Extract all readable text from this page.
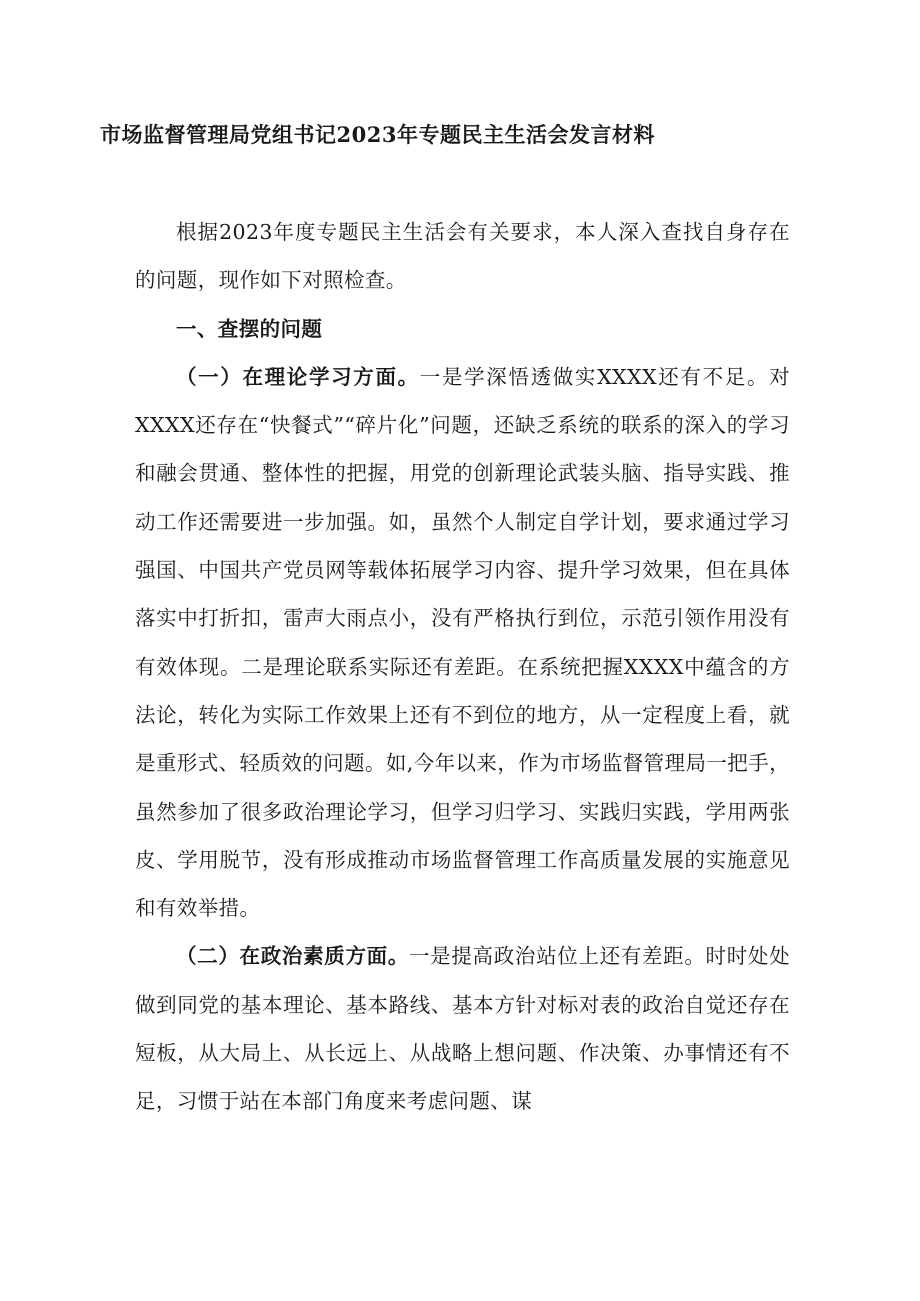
市场监督管理局党组书记2023年专题民主生活会发言材料

根据2023年度专题民主生活会有关要求，本人深入查找自身存在的问题，现作如下对照检查。

一、查摆的问题

（一）在理论学习方面。一是学深悟透做实XXXX还有不足。对XXXX还存在“快餐式”“碎片化”问题，还缺乏系统的联系的深入的学习和融会贯通、整体性的把握，用党的创新理论武装头脑、指导实践、推动工作还需要进一步加强。如，虽然个人制定自学计划，要求通过学习强国、中国共产党员网等载体拓展学习内容、提升学习效果，但在具体落实中打折扣，雷声大雨点小，没有严格执行到位，示范引领作用没有有效体现。二是理论联系实际还有差距。在系统把握XXXX中蕴含的方法论，转化为实际工作效果上还有不到位的地方，从一定程度上看，就是重形式、轻质效的问题。如,今年以来，作为市场监督管理局一把手，虽然参加了很多政治理论学习，但学习归学习、实践归实践，学用两张皮、学用脱节，没有形成推动市场监督管理工作高质量发展的实施意见和有效举措。

（二）在政治素质方面。一是提高政治站位上还有差距。时时处处做到同党的基本理论、基本路线、基本方针对标对表的政治自觉还存在短板，从大局上、从长远上、从战略上想问题、作决策、办事情还有不足，习惯于站在本部门角度来考虑问题、谋
